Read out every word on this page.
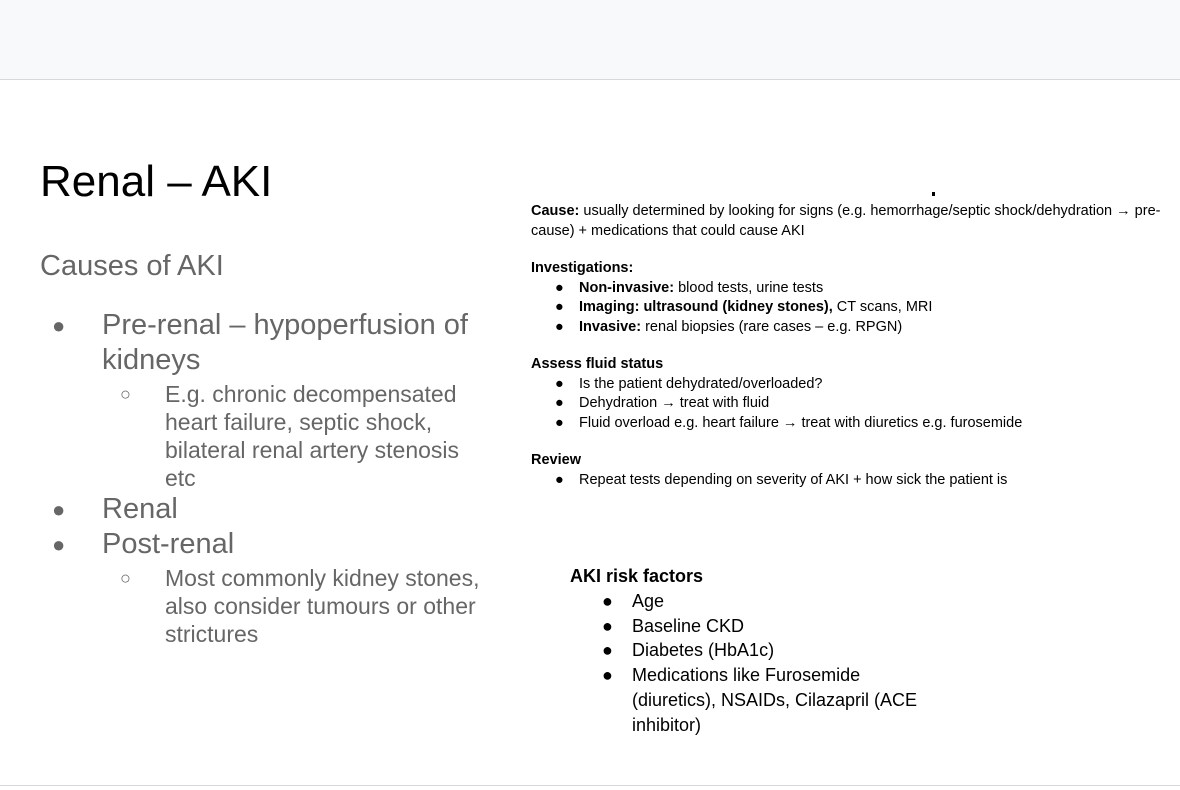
Renal – AKI
Causes of AKI
● Pre-renal – hypoperfusion of kidneys
○ E.g. chronic decompensated heart failure, septic shock, bilateral renal artery stenosis etc
● Renal
● Post-renal
○ Most commonly kidney stones, also consider tumours or other strictures

Cause: usually determined by looking for signs (e.g. hemorrhage/septic shock/dehydration → pre-cause) + medications that could cause AKI

Investigations:

● Non-invasive: blood tests, urine tests
● Imaging: ultrasound (kidney stones), CT scans, MRI
● Invasive: renal biopsies (rare cases – e.g. RPGN)

Assess fluid status

● Is the patient dehydrated/overloaded?
● Dehydration → treat with fluid
● Fluid overload e.g. heart failure → treat with diuretics e.g. furosemide

Review

● Repeat tests depending on severity of AKI + how sick the patient is
AKI risk factors
● Age
● Baseline CKD
● Diabetes (HbA1c)
● Medications like Furosemide (diuretics), NSAIDs, Cilazapril (ACE inhibitor)
